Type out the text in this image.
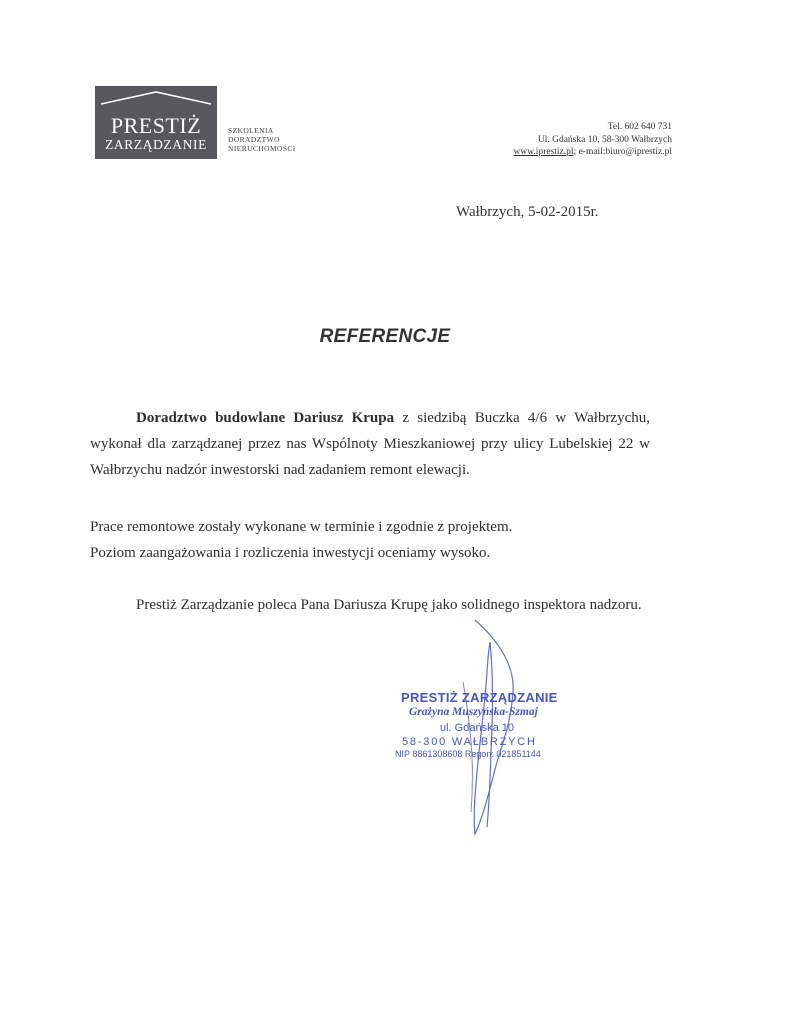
PRESTIŻ
ZARZĄDZANIE
SZKOLENIA
DORADZTWO
NIERUCHOMOŚCI
Tel. 602 640 731
Ul. Gdańska 10, 58-300 Wałbrzych
www.iprestiz.pl; e-mail:biuro@iprestiz.pl
Wałbrzych, 5-02-2015r.
REFERENCJE
Doradztwo budowlane Dariusz Krupa z siedzibą Buczka 4/6 w Wałbrzychu, wykonał dla zarządzanej przez nas Wspólnoty Mieszkaniowej przy ulicy Lubelskiej 22 w Wałbrzychu nadzór inwestorski nad zadaniem remont elewacji.
Prace remontowe zostały wykonane w terminie i zgodnie z projektem.
Poziom zaangażowania i rozliczenia inwestycji oceniamy wysoko.
Prestiż Zarządzanie poleca Pana Dariusza Krupę jako solidnego inspektora nadzoru.
PRESTIŻ ZARZĄDZANIE
Grażyna Muszyńska-Szmaj
ul. Gdańska 10
58-300 WAŁBRZYCH
NIP 8861308608 Regon: 021851144
